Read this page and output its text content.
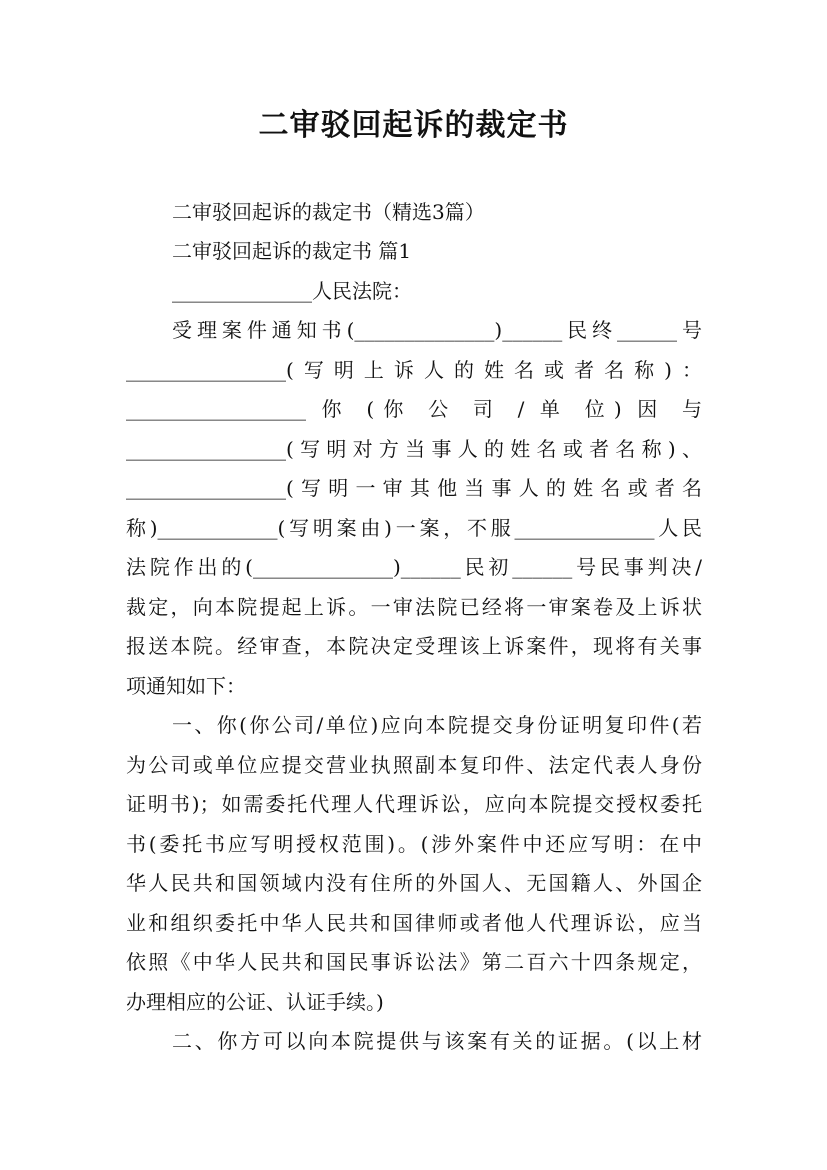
二审驳回起诉的裁定书

二审驳回起诉的裁定书（精选3篇）

二审驳回起诉的裁定书 篇1

______________人民法院：

受理案件通知书(______________)______民终______号

________________(写明上诉人的姓名或者名称)：

__________________ 你 (你 公 司 / 单 位) 因 与

________________(写明对方当事人的姓名或者名称)、

________________(写明一审其他当事人的姓名或者名

称)____________(写明案由)一案，不服______________人民

法院作出的(______________)______民初______号民事判决/

裁定，向本院提起上诉。一审法院已经将一审案卷及上诉状

报送本院。经审查，本院决定受理该上诉案件，现将有关事

项通知如下：

一、你(你公司/单位)应向本院提交身份证明复印件(若

为公司或单位应提交营业执照副本复印件、法定代表人身份

证明书)；如需委托代理人代理诉讼，应向本院提交授权委托

书(委托书应写明授权范围)。(涉外案件中还应写明：在中

华人民共和国领域内没有住所的外国人、无国籍人、外国企

业和组织委托中华人民共和国律师或者他人代理诉讼，应当

依照《中华人民共和国民事诉讼法》第二百六十四条规定，

办理相应的公证、认证手续。)

二、你方可以向本院提供与该案有关的证据。(以上材
